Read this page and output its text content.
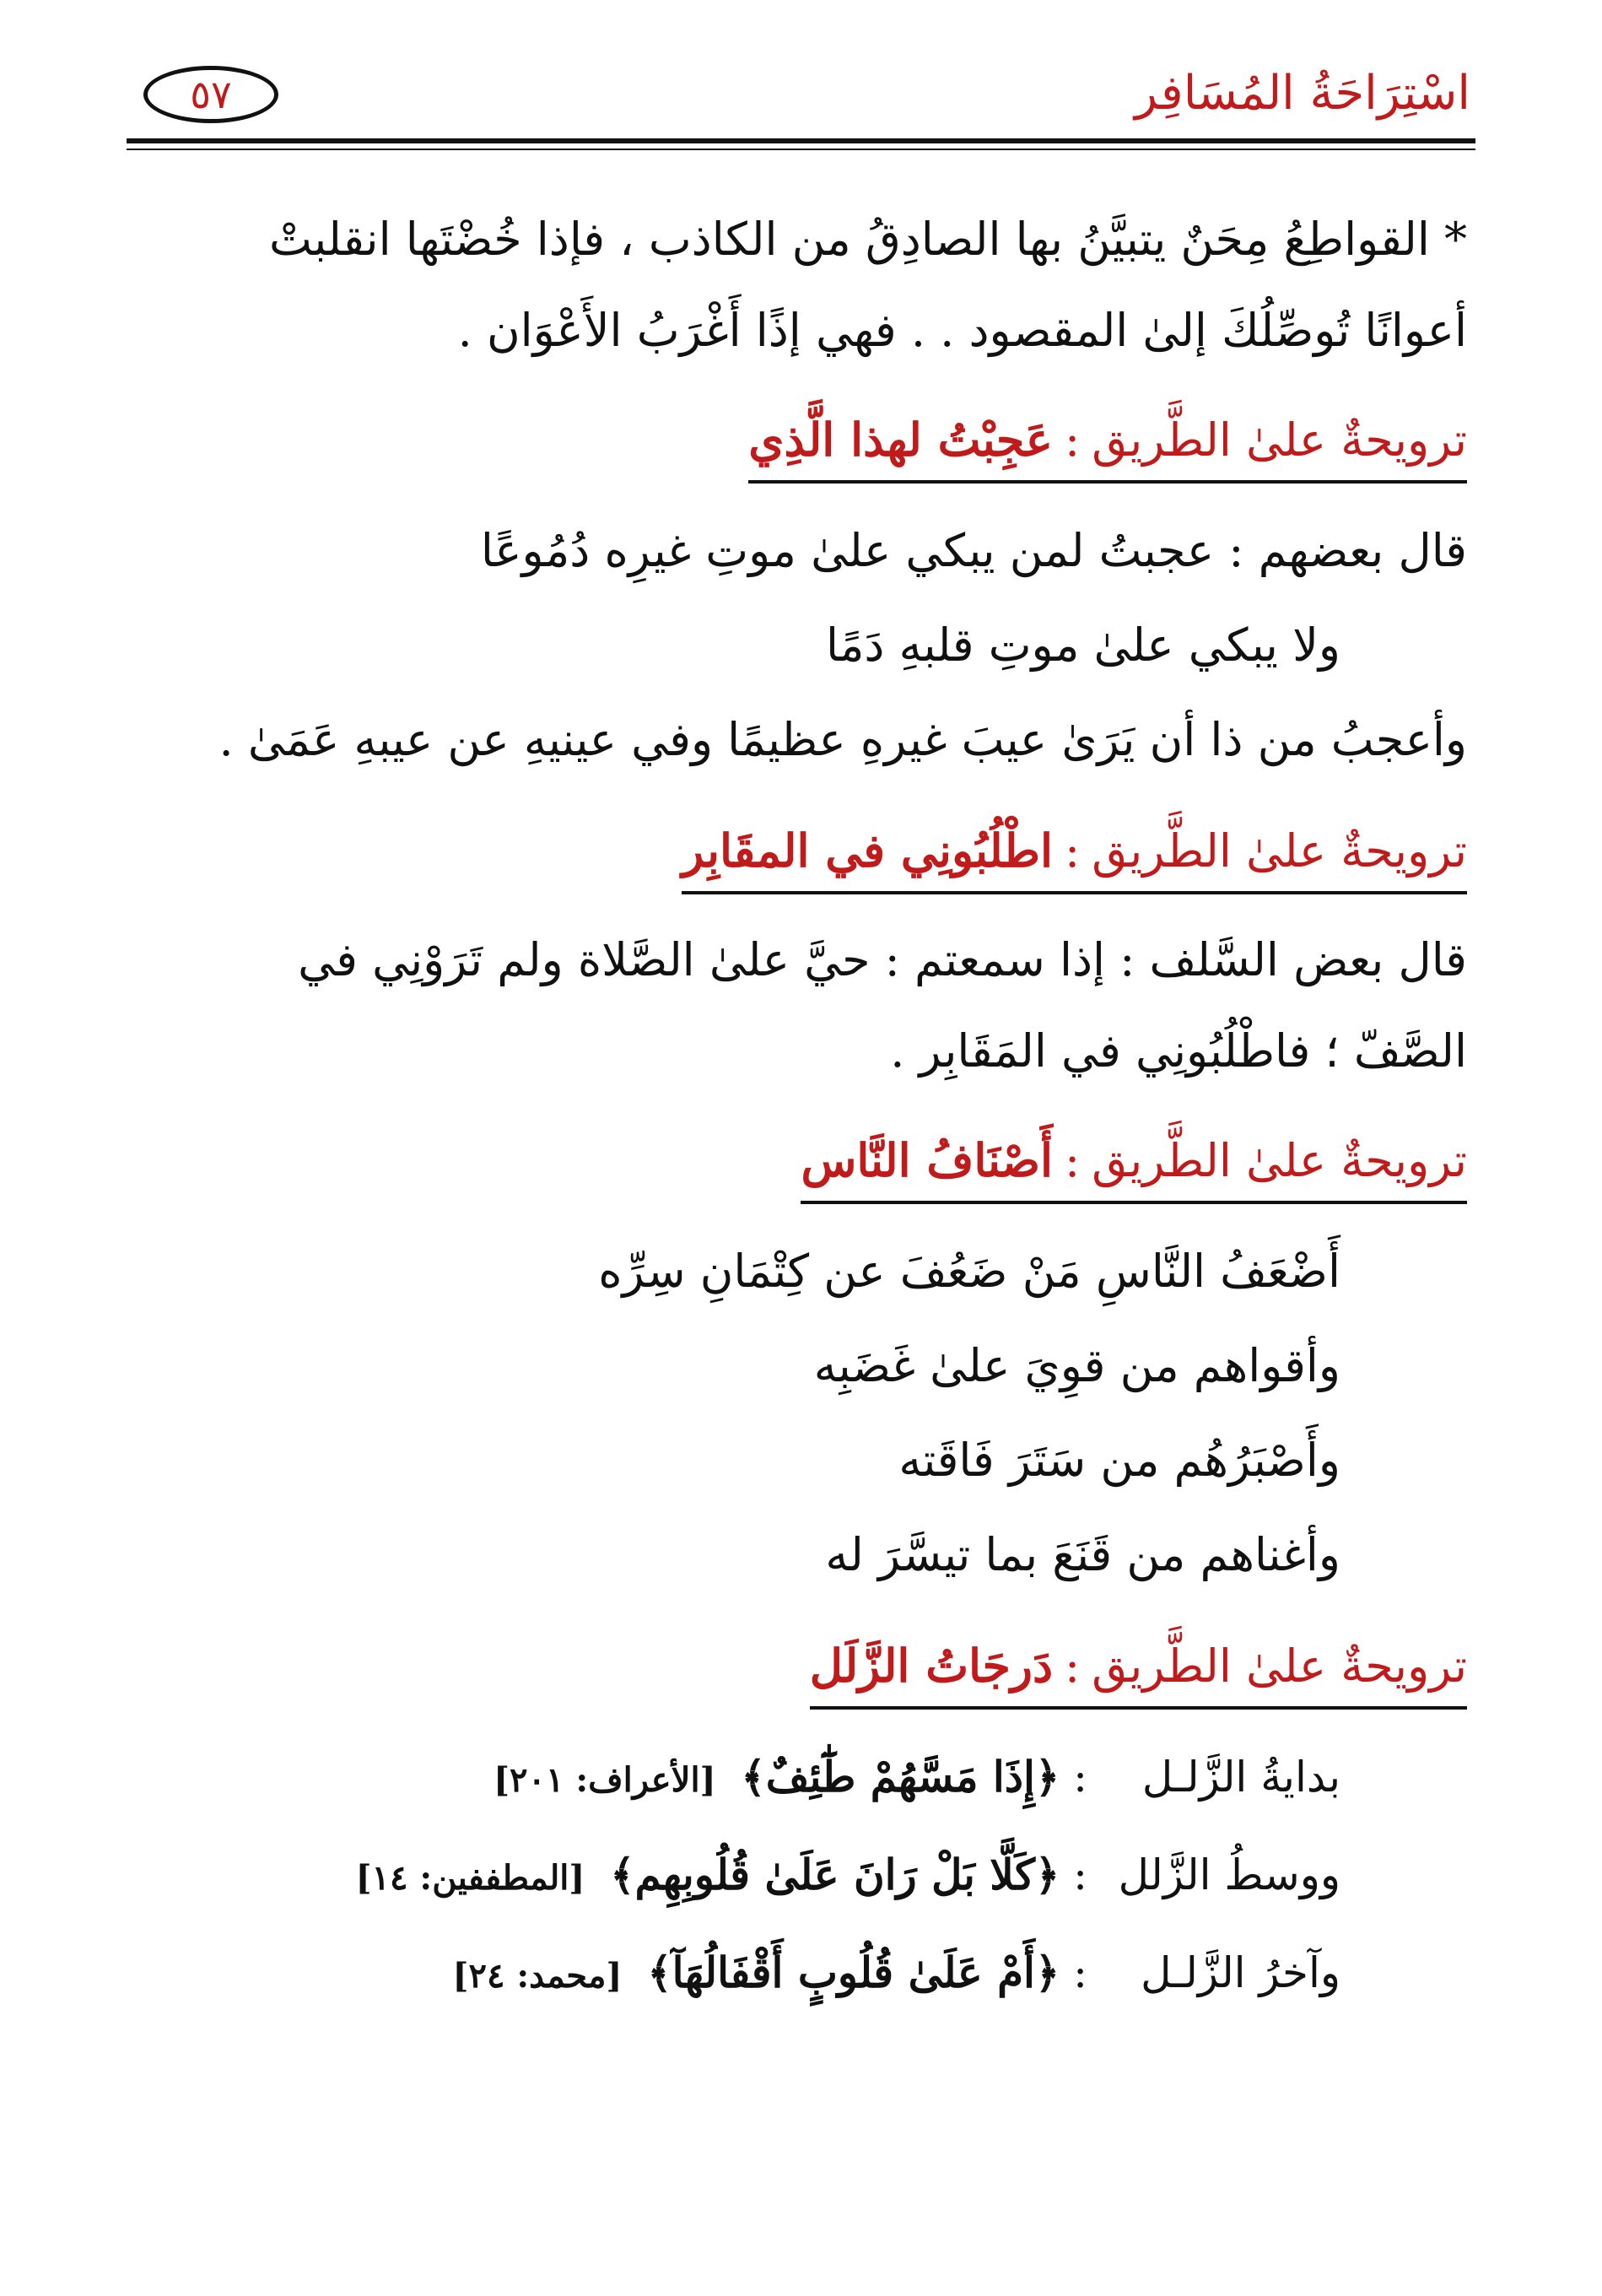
اسْتِرَاحَةُ المُسَافِر
٥٧

* القواطِعُ مِحَنٌ يتبيَّنُ بها الصادِقُ من الكاذب ، فإذا خُضْتَها انقلبتْ
أعوانًا تُوصِّلُكَ إلىٰ المقصود . . فهي إذًا أَغْرَبُ الأَعْوَان .

ترويحةٌ علىٰ الطَّريق:عَجِبْتُ لهذا الَّذِي

قال بعضهم : عجبتُ لمن يبكي علىٰ موتِ غيرِه دُمُوعًا

ولا يبكي علىٰ موتِ قلبهِ دَمًا

وأعجبُ من ذا أن يَرَىٰ عيبَ غيرهِ عظيمًا وفي عينيهِ عن عيبهِ عَمَىٰ .

ترويحةٌ علىٰ الطَّريق:اطْلُبُونِي في المقَابِر

قال بعض السَّلف : إذا سمعتم : حيَّ علىٰ الصَّلاة ولم تَرَوْنِي في
الصَّفّ ؛ فاطْلُبُونِي في المَقَابِر .

ترويحةٌ علىٰ الطَّريق:أَصْنَافُ النَّاس

أَضْعَفُ النَّاسِ مَنْ ضَعُفَ عن كِتْمَانِ سِرِّه

وأقواهم من قوِيَ علىٰ غَضَبِه

وأَصْبَرُهُم من سَتَرَ فَاقَته

وأغناهم من قَنَعَ بما تيسَّرَ له

ترويحةٌ علىٰ الطَّريق:دَرجَاتُ الزَّلَل

بدايةُ الزَّلـل: ﴿إِذَا مَسَّهُمْ طَٰٓئِفٌ﴾ [الأعراف: ٢٠١]

ووسطُ الزَّلل: ﴿كَلَّا بَلْ رَانَ عَلَىٰ قُلُوبِهِم﴾ [المطففين: ١٤]

وآخرُ الزَّلـل: ﴿أَمْ عَلَىٰ قُلُوبٍ أَقْفَالُهَآ﴾ [محمد: ٢٤]
